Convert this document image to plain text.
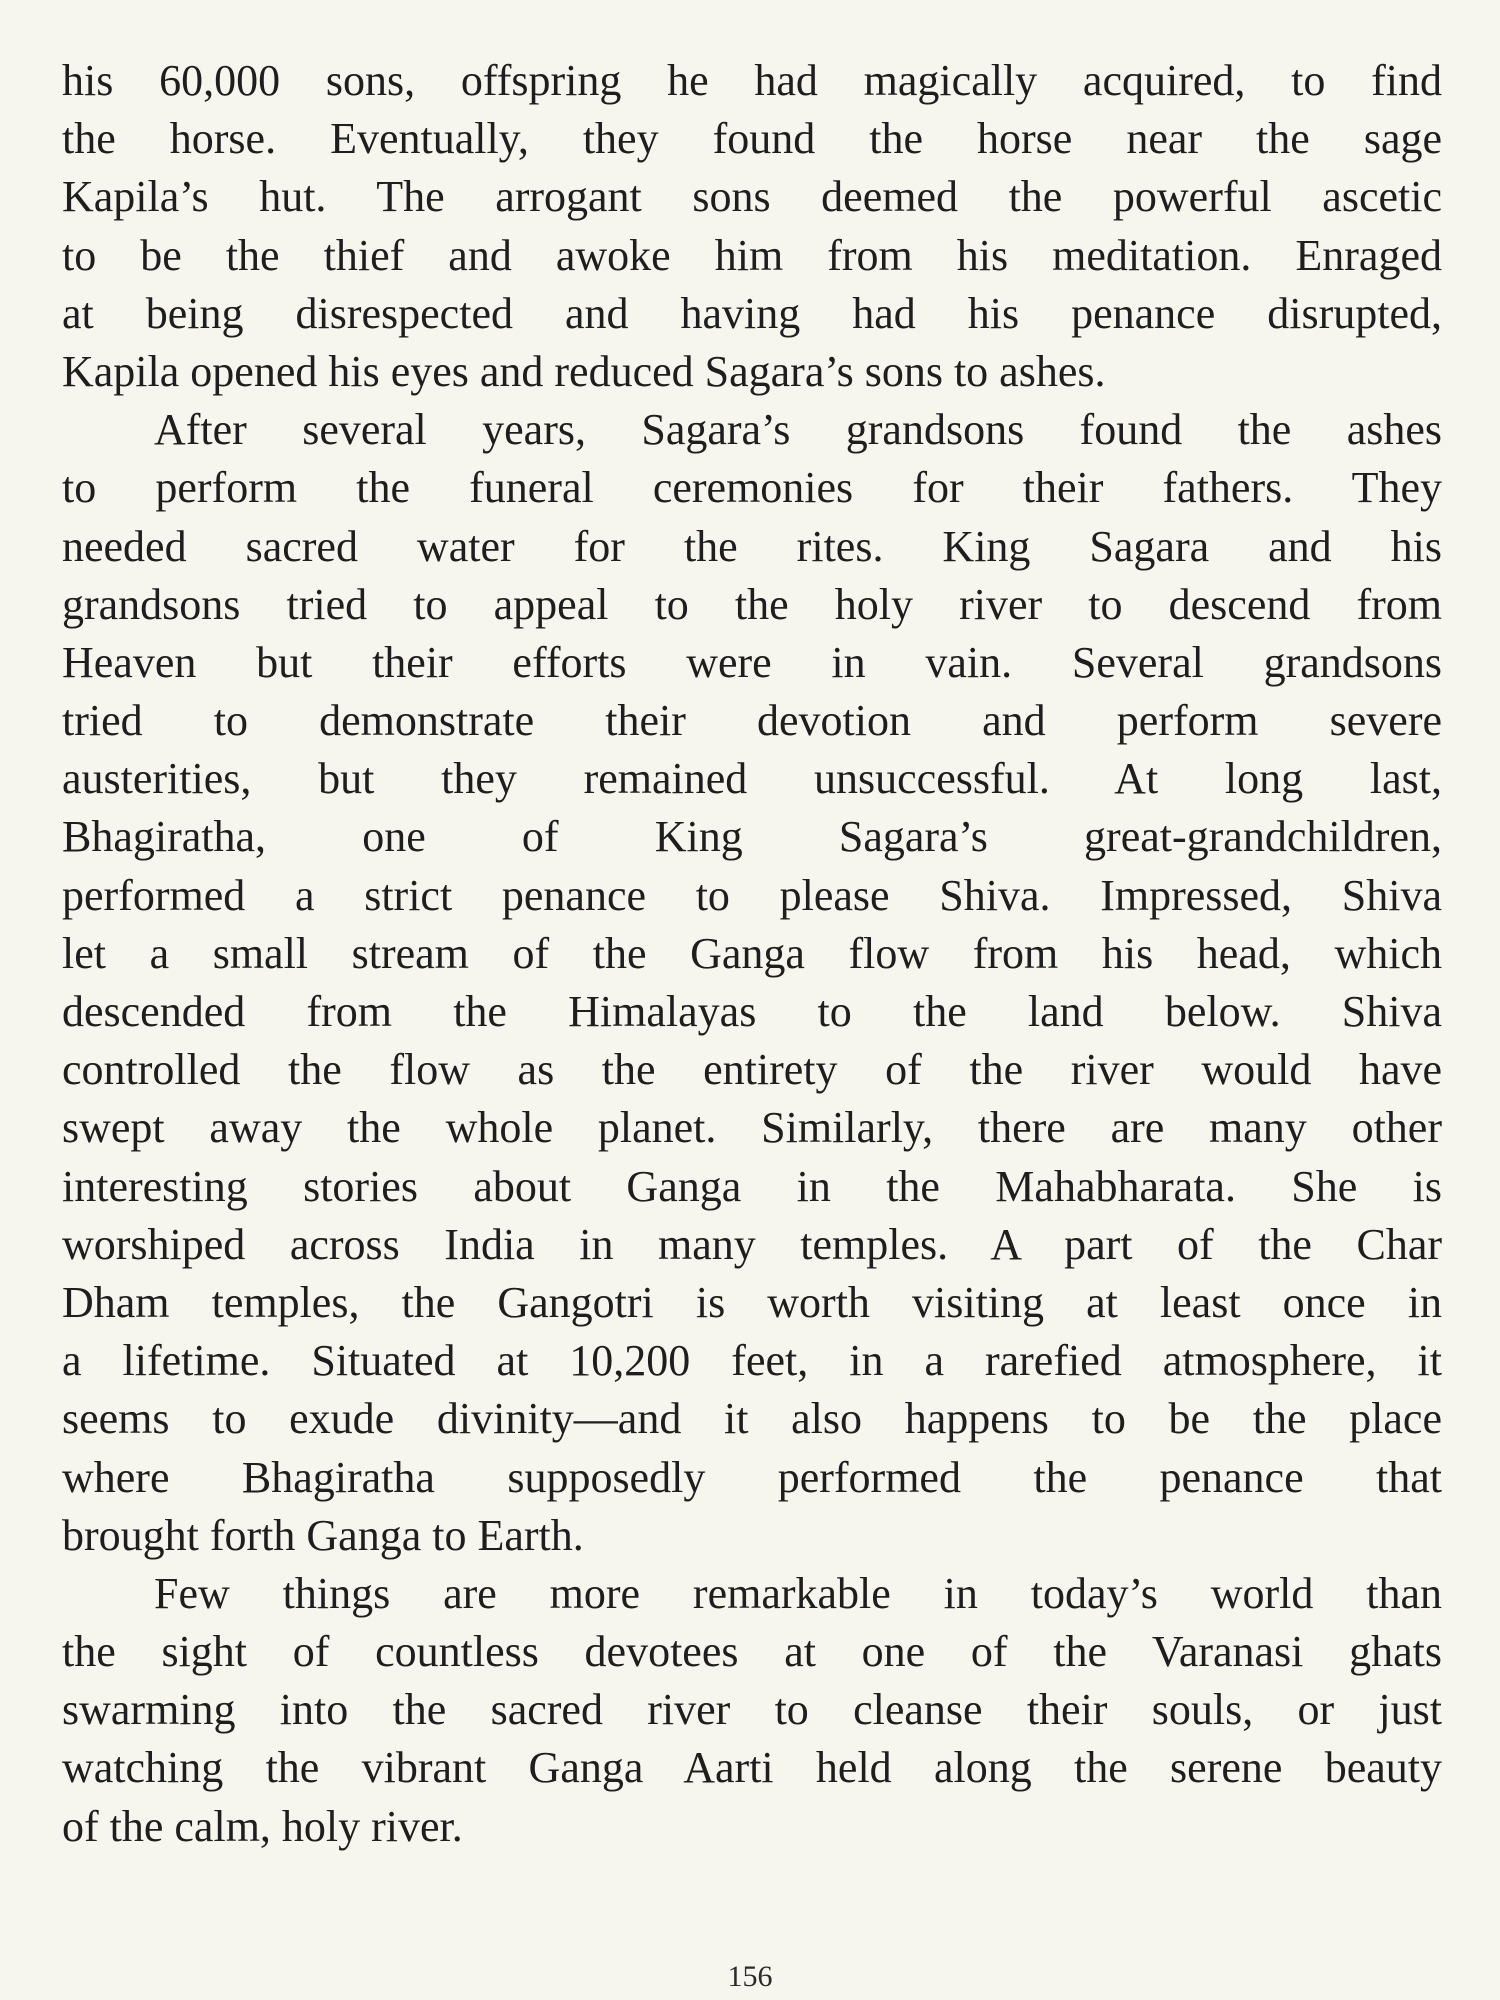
his 60,000 sons, offspring he had magically acquired, to find
the horse. Eventually, they found the horse near the sage
Kapila’s hut. The arrogant sons deemed the powerful ascetic
to be the thief and awoke him from his meditation. Enraged
at being disrespected and having had his penance disrupted,
Kapila opened his eyes and reduced Sagara’s sons to ashes.
After several years, Sagara’s grandsons found the ashes
to perform the funeral ceremonies for their fathers. They
needed sacred water for the rites. King Sagara and his
grandsons tried to appeal to the holy river to descend from
Heaven but their efforts were in vain. Several grandsons
tried to demonstrate their devotion and perform severe
austerities, but they remained unsuccessful. At long last,
Bhagiratha, one of King Sagara’s great-grandchildren,
performed a strict penance to please Shiva. Impressed, Shiva
let a small stream of the Ganga flow from his head, which
descended from the Himalayas to the land below. Shiva
controlled the flow as the entirety of the river would have
swept away the whole planet. Similarly, there are many other
interesting stories about Ganga in the Mahabharata. She is
worshiped across India in many temples. A part of the Char
Dham temples, the Gangotri is worth visiting at least once in
a lifetime. Situated at 10,200 feet, in a rarefied atmosphere, it
seems to exude divinity—and it also happens to be the place
where Bhagiratha supposedly performed the penance that
brought forth Ganga to Earth.
Few things are more remarkable in today’s world than
the sight of countless devotees at one of the Varanasi ghats
swarming into the sacred river to cleanse their souls, or just
watching the vibrant Ganga Aarti held along the serene beauty
of the calm, holy river.
156
